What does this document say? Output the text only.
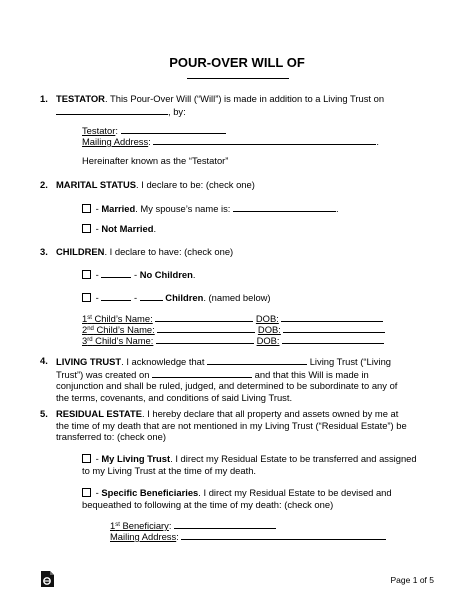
POUR-OVER WILL OF
1. TESTATOR. This Pour-Over Will (“Will”) is made in addition to a Living Trust on
, by:
Testator:
Mailing Address:	.
Hereinafter known as the “Testator”
2. MARITAL STATUS. I declare to be: (check one)
- Married. My spouse’s name is:	.
- Not Married.
3. CHILDREN. I declare to have: (check one)
-	- No Children.
-	-	Children. (named below)
1st Child’s Name:	DOB:
2nd Child’s Name:	DOB:
3rd Child’s Name:	DOB:
4. LIVING TRUST. I acknowledge that	Living Trust (“Living
Trust”) was created on	and that this Will is made in
conjunction and shall be ruled, judged, and determined to be subordinate to any of
the terms, covenants, and conditions of said Living Trust.
5. RESIDUAL ESTATE. I hereby declare that all property and assets owned by me at
the time of my death that are not mentioned in my Living Trust (“Residual Estate”) be
transferred to: (check one)
- My Living Trust. I direct my Residual Estate to be transferred and assigned
to my Living Trust at the time of my death.
- Specific Beneficiaries. I direct my Residual Estate to be devised and
bequeathed to following at the time of my death: (check one)
1st Beneficiary:
Mailing Address:
Page 1 of 5
